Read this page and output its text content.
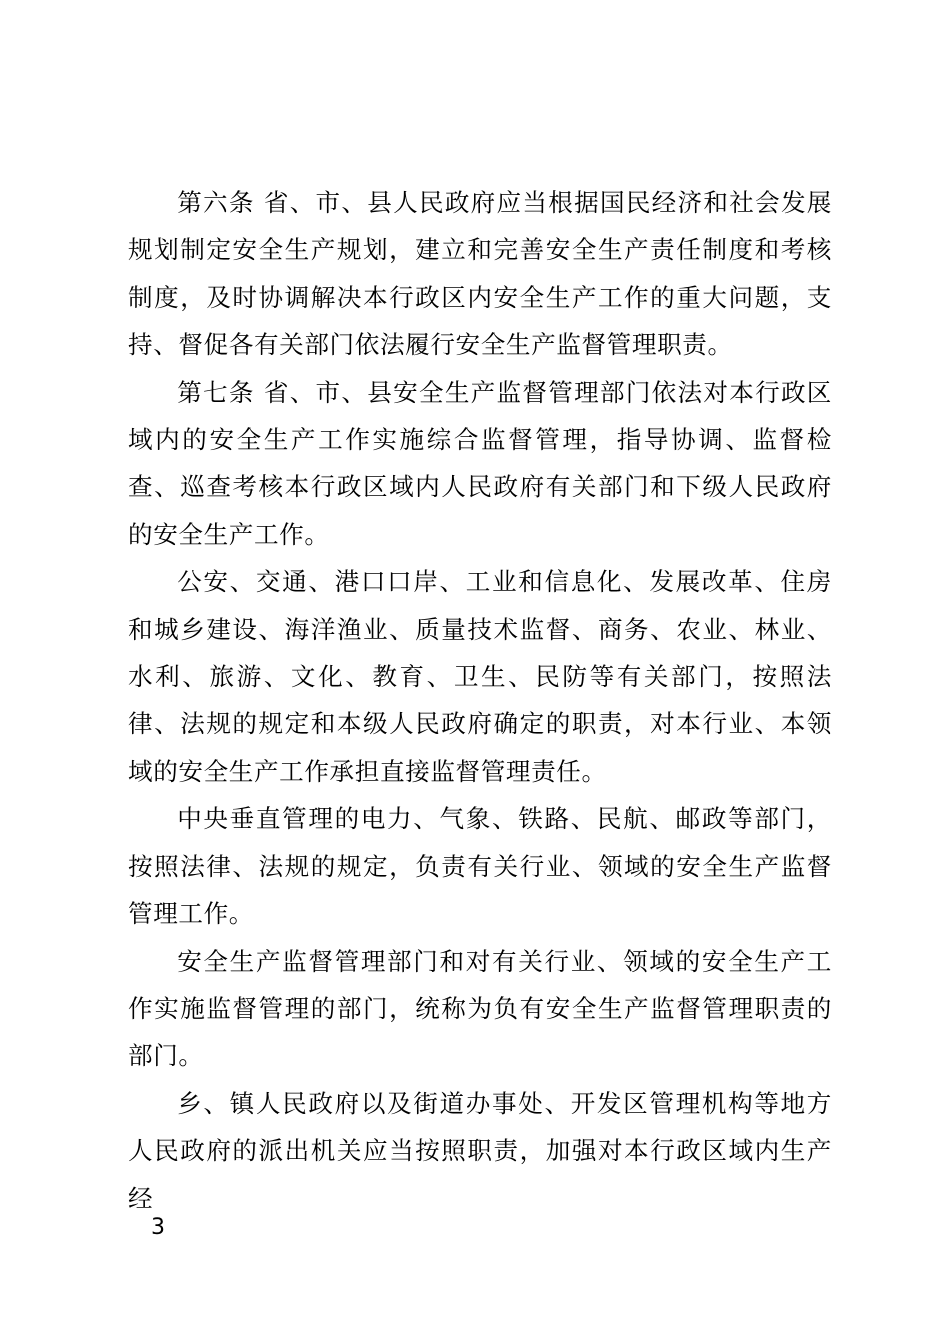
第六条 省、市、县人民政府应当根据国民经济和社会发展规划制定安全生产规划，建立和完善安全生产责任制度和考核制度，及时协调解决本行政区内安全生产工作的重大问题，支持、督促各有关部门依法履行安全生产监督管理职责。

第七条 省、市、县安全生产监督管理部门依法对本行政区域内的安全生产工作实施综合监督管理，指导协调、监督检查、巡查考核本行政区域内人民政府有关部门和下级人民政府的安全生产工作。

公安、交通、港口口岸、工业和信息化、发展改革、住房和城乡建设、海洋渔业、质量技术监督、商务、农业、林业、水利、旅游、文化、教育、卫生、民防等有关部门，按照法律、法规的规定和本级人民政府确定的职责，对本行业、本领域的安全生产工作承担直接监督管理责任。

中央垂直管理的电力、气象、铁路、民航、邮政等部门，按照法律、法规的规定，负责有关行业、领域的安全生产监督管理工作。

安全生产监督管理部门和对有关行业、领域的安全生产工作实施监督管理的部门，统称为负有安全生产监督管理职责的部门。

乡、镇人民政府以及街道办事处、开发区管理机构等地方人民政府的派出机关应当按照职责，加强对本行政区域内生产经

3
